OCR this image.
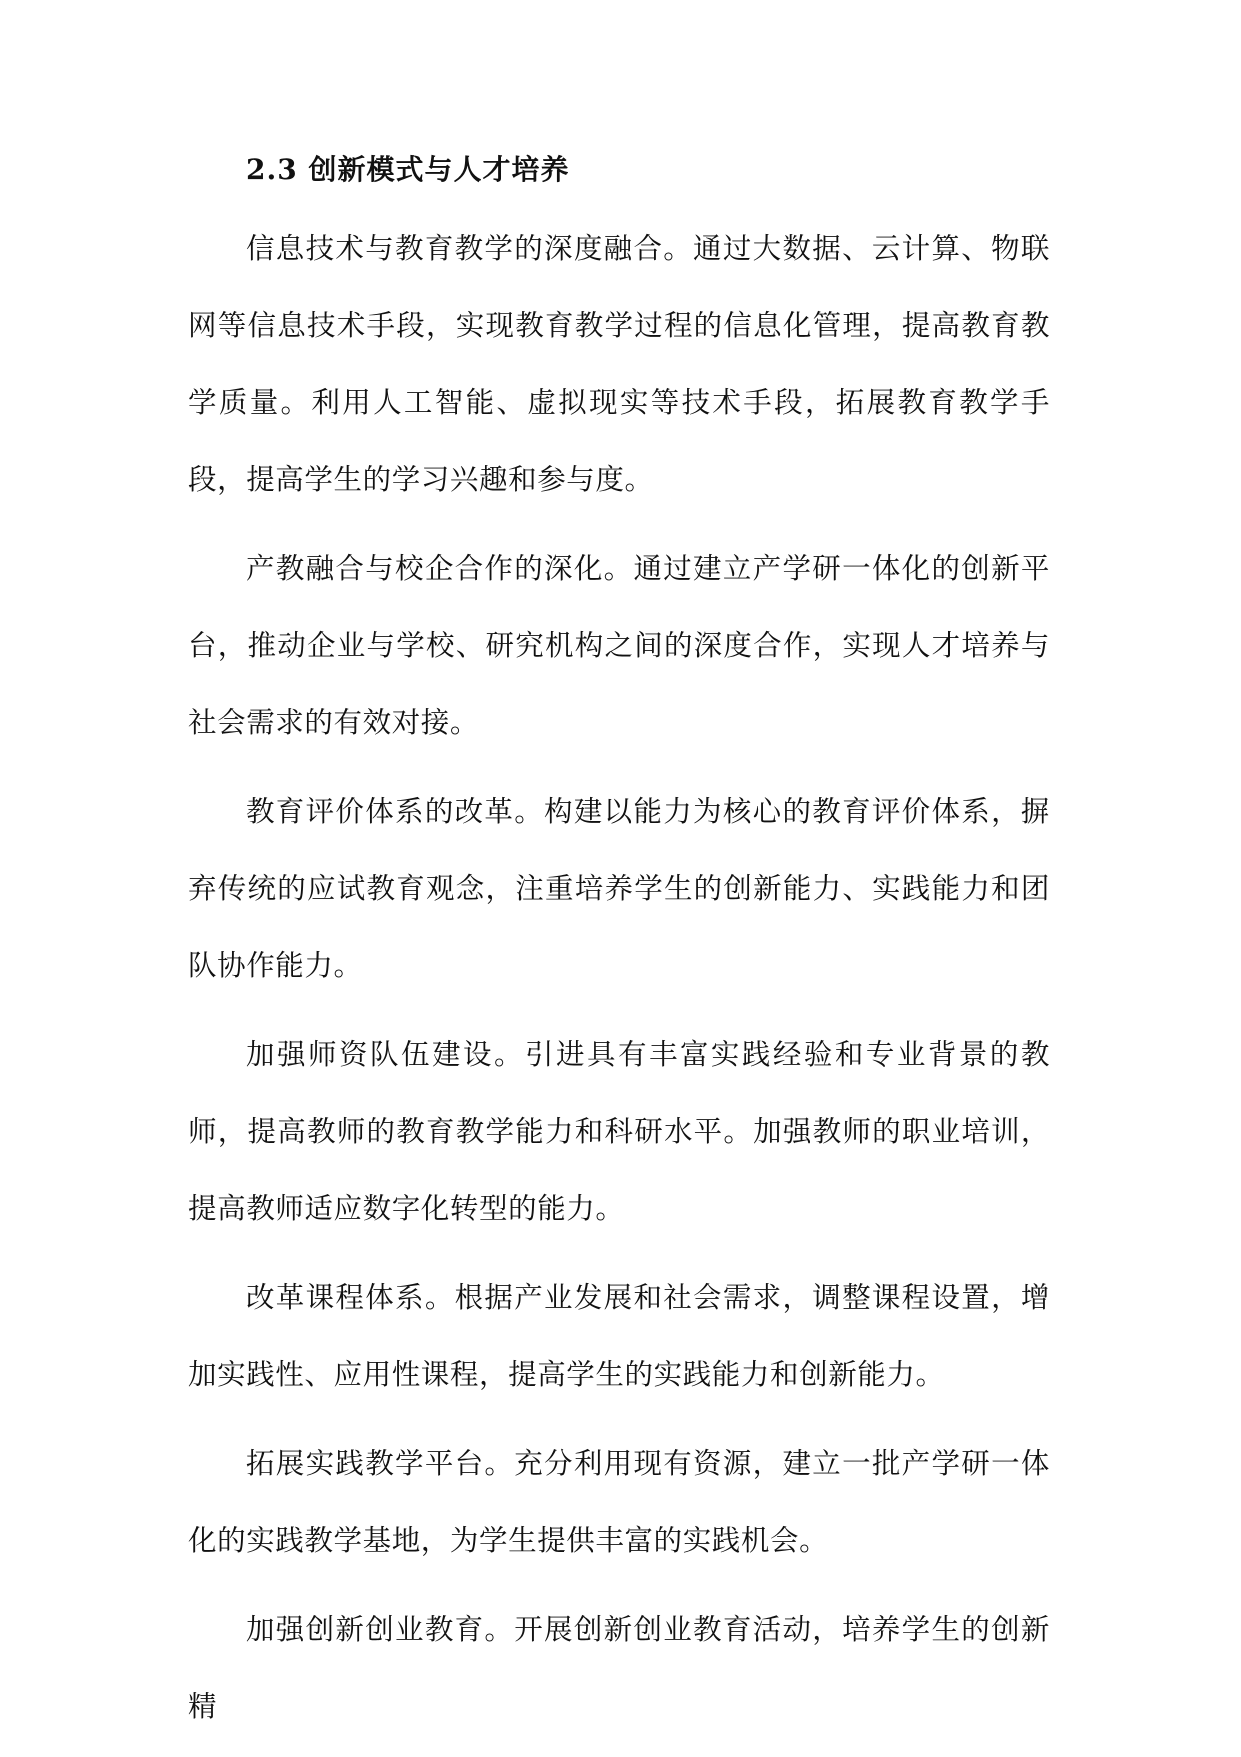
2.3 创新模式与人才培养

信息技术与教育教学的深度融合。通过大数据、云计算、物联网等信息技术手段，实现教育教学过程的信息化管理，提高教育教学质量。利用人工智能、虚拟现实等技术手段，拓展教育教学手段，提高学生的学习兴趣和参与度。

产教融合与校企合作的深化。通过建立产学研一体化的创新平台，推动企业与学校、研究机构之间的深度合作，实现人才培养与社会需求的有效对接。

教育评价体系的改革。构建以能力为核心的教育评价体系，摒弃传统的应试教育观念，注重培养学生的创新能力、实践能力和团队协作能力。

加强师资队伍建设。引进具有丰富实践经验和专业背景的教师，提高教师的教育教学能力和科研水平。加强教师的职业培训，提高教师适应数字化转型的能力。

改革课程体系。根据产业发展和社会需求，调整课程设置，增加实践性、应用性课程，提高学生的实践能力和创新能力。

拓展实践教学平台。充分利用现有资源，建立一批产学研一体化的实践教学基地，为学生提供丰富的实践机会。

加强创新创业教育。开展创新创业教育活动，培养学生的创新精
